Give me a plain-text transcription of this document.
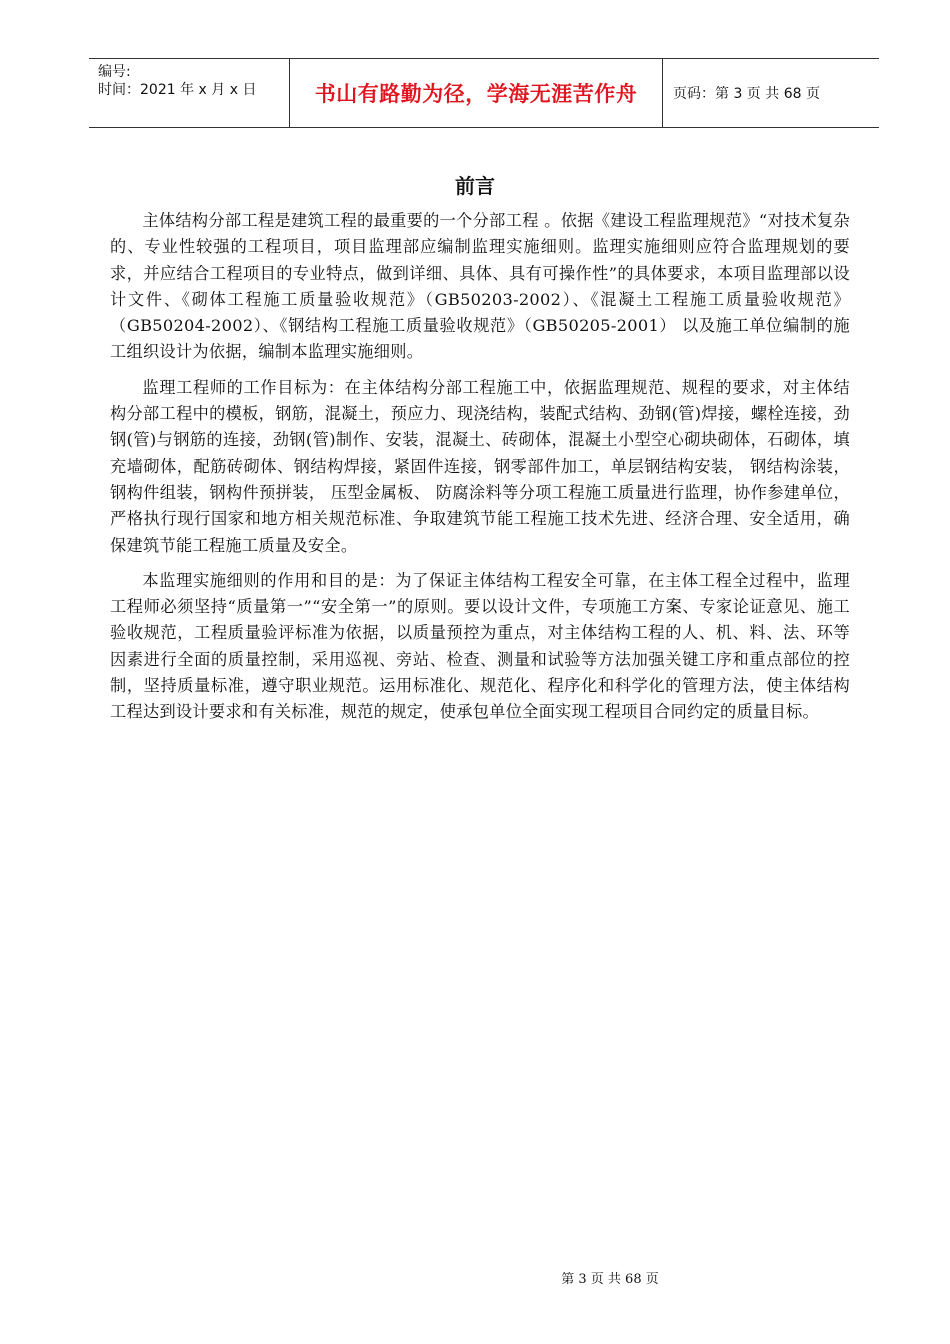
编号:
时间：2021 年 x 月 x 日	书山有路勤为径，学海无涯苦作舟	页码：第 3 页 共 68 页
前言

主体结构分部工程是建筑工程的最重要的一个分部工程 。依据《建设工程监理规范》“对技术复杂的、专业性较强的工程项目，项目监理部应编制监理实施细则。监理实施细则应符合监理规划的要求，并应结合工程项目的专业特点，做到详细、具体、具有可操作性”的具体要求，本项目监理部以设计文件、《砌体工程施工质量验收规范》（GB50203-2002）、《混凝土工程施工质量验收规范》（GB50204-2002）、《钢结构工程施工质量验收规范》（GB50205-2001） 以及施工单位编制的施工组织设计为依据，编制本监理实施细则。

监理工程师的工作目标为：在主体结构分部工程施工中，依据监理规范、规程的要求，对主体结构分部工程中的模板，钢筋，混凝土，预应力、现浇结构，装配式结构、劲钢(管)焊接，螺栓连接，劲钢(管)与钢筋的连接，劲钢(管)制作、安装，混凝土、砖砌体，混凝土小型空心砌块砌体，石砌体，填充墙砌体，配筋砖砌体、钢结构焊接，紧固件连接，钢零部件加工，单层钢结构安装， 钢结构涂装，钢构件组装，钢构件预拼装， 压型金属板、 防腐涂料等分项工程施工质量进行监理，协作参建单位，严格执行现行国家和地方相关规范标准、争取建筑节能工程施工技术先进、经济合理、安全适用，确保建筑节能工程施工质量及安全。

本监理实施细则的作用和目的是：为了保证主体结构工程安全可靠，在主体工程全过程中，监理工程师必须坚持“质量第一”“安全第一”的原则。要以设计文件，专项施工方案、专家论证意见、施工验收规范，工程质量验评标准为依据，以质量预控为重点，对主体结构工程的人、机、料、法、环等因素进行全面的质量控制，采用巡视、旁站、检查、测量和试验等方法加强关键工序和重点部位的控制，坚持质量标准，遵守职业规范。运用标准化、规范化、程序化和科学化的管理方法，使主体结构工程达到设计要求和有关标准，规范的规定，使承包单位全面实现工程项目合同约定的质量目标。

第 3 页 共 68 页
